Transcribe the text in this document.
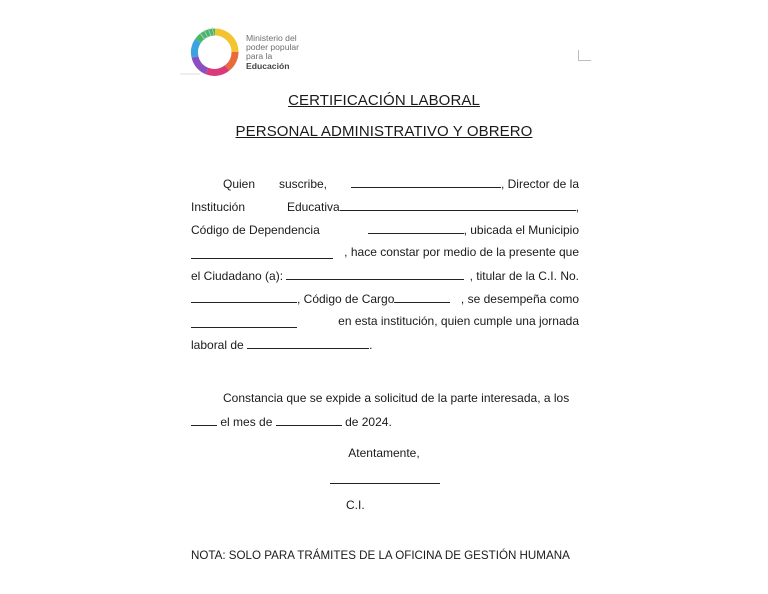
Ministerio del
poder popular
para la
Educación
CERTIFICACIÓN LABORAL
PERSONAL ADMINISTRATIVO Y OBRERO
Quien suscribe,	, Director de la
Institución	Educativa	,
Código de Dependencia	, ubicada el Municipio
, hace constar por medio de la presente que
el Ciudadano (a):	, titular de la C.I. No.
, Código de Cargo	, se desempeña como
en esta institución, quien cumple una jornada
laboral de	.
Constancia que se expide a solicitud de la parte interesada, a los
el mes de	de 2024.
Atentamente,
C.I.
NOTA: SOLO PARA TRÁMITES DE LA OFICINA DE GESTIÓN HUMANA
